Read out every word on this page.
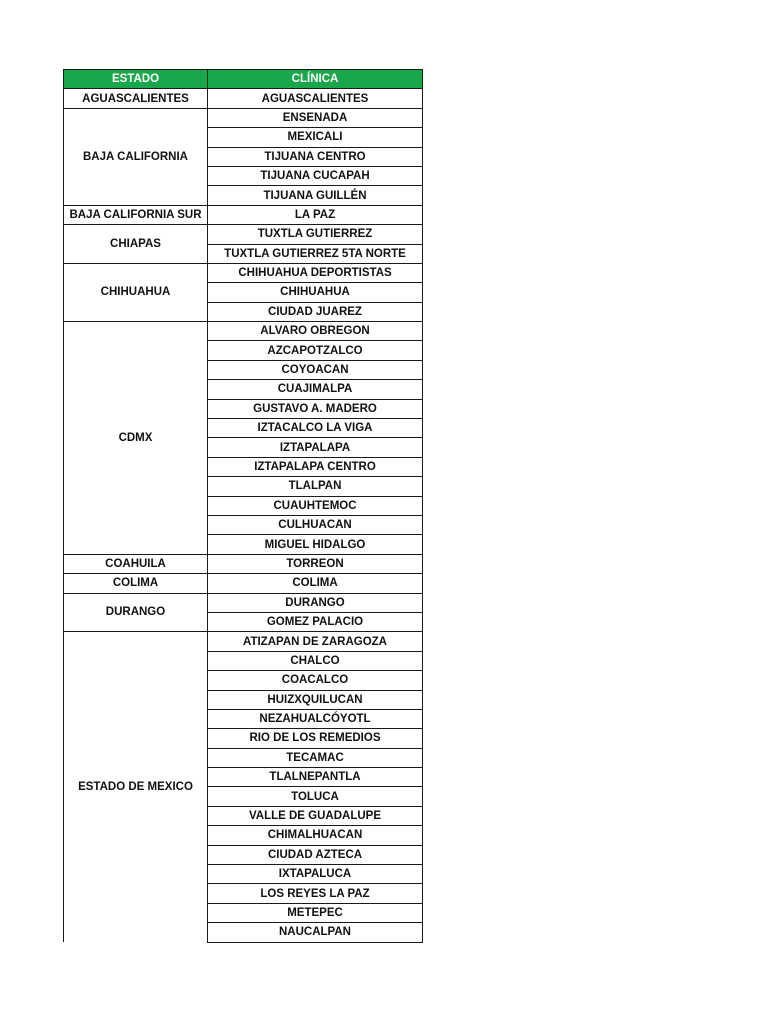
ESTADO	CLÍNICA
AGUASCALIENTES	AGUASCALIENTES
BAJA CALIFORNIA	ENSENADA
	MEXICALI
	TIJUANA CENTRO
	TIJUANA CUCAPAH
	TIJUANA GUILLÉN
BAJA CALIFORNIA SUR	LA PAZ
CHIAPAS	TUXTLA GUTIERREZ
	TUXTLA GUTIERREZ 5TA NORTE
CHIHUAHUA	CHIHUAHUA DEPORTISTAS
	CHIHUAHUA
	CIUDAD JUAREZ
CDMX	ALVARO OBREGON
	AZCAPOTZALCO
	COYOACAN
	CUAJIMALPA
	GUSTAVO A. MADERO
	IZTACALCO LA VIGA
	IZTAPALAPA
	IZTAPALAPA CENTRO
	TLALPAN
	CUAUHTEMOC
	CULHUACAN
	MIGUEL HIDALGO
COAHUILA	TORREON
COLIMA	COLIMA
DURANGO	DURANGO
	GOMEZ PALACIO
ESTADO DE MEXICO	ATIZAPAN DE ZARAGOZA
	CHALCO
	COACALCO
	HUIZXQUILUCAN
	NEZAHUALCÓYOTL
	RIO DE LOS REMEDIOS
	TECAMAC
	TLALNEPANTLA
	TOLUCA
	VALLE DE GUADALUPE
	CHIMALHUACAN
	CIUDAD AZTECA
	IXTAPALUCA
	LOS REYES LA PAZ
	METEPEC
	NAUCALPAN
